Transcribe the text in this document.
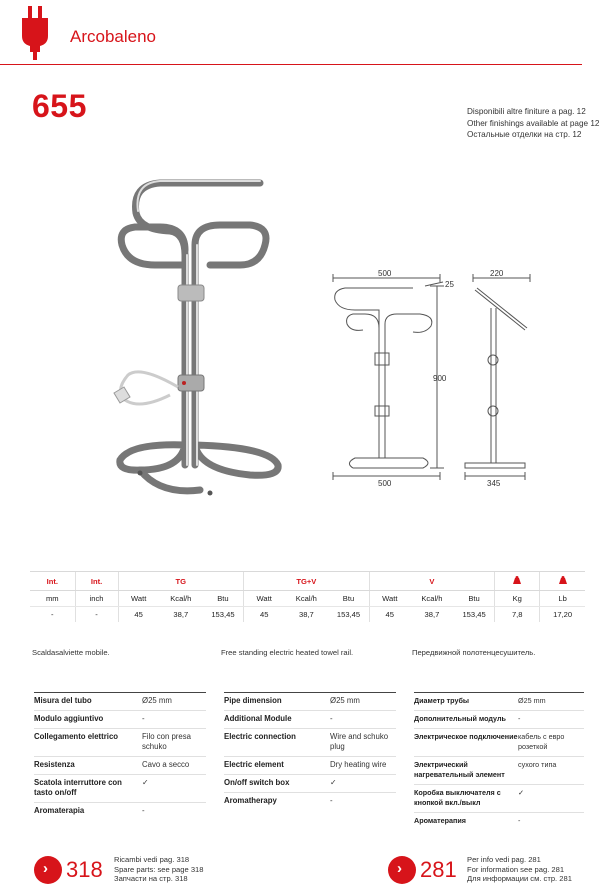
Arcobaleno
655	Disponibili altre finiture a pag. 12
Other finishings available at page 12
Остальные отделки на стр. 12
500
25
220
900
500	345
Int.	Int.	TG			TG+V			V		
mm	inch	Watt	Kcal/h	Btu	Watt	Kcal/h	Btu	Watt	Kcal/h	Btu	Kg	Lb
-	-	45	38,7	153,45	45	38,7	153,45	45	38,7	153,45	7,8	17,20
Scaldasalviette mobile.	Free standing electric heated towel rail.	Передвижной полотенцесушитель.
Misura del tubo	Ø25 mm
Modulo aggiuntivo	-
Collegamento elettrico	Filo con presa schuko
Resistenza	Cavo a secco
Scatola interruttore con tasto on/off	✓
Aromaterapia	-
Pipe dimension	Ø25 mm
Additional Module	-
Electric connection	Wire and schuko plug
Electric element	Dry heating wire
On/off switch box	✓
Aromatherapy	-
Диаметр трубы	Ø25 mm
Дополнительный модуль	-
Электрическое подключение	кабель с евро розеткой
Электрический нагревательный элемент	сухого типа
Коробка выключателя с кнопкой вкл./выкл	✓
Ароматерапия	-
› 318 Ricambi vedi pag. 318
Spare parts: see page 318
Запчасти на стр. 318
› 281 Per info vedi pag. 281
For information see pag. 281
Для информации см. стр. 281
